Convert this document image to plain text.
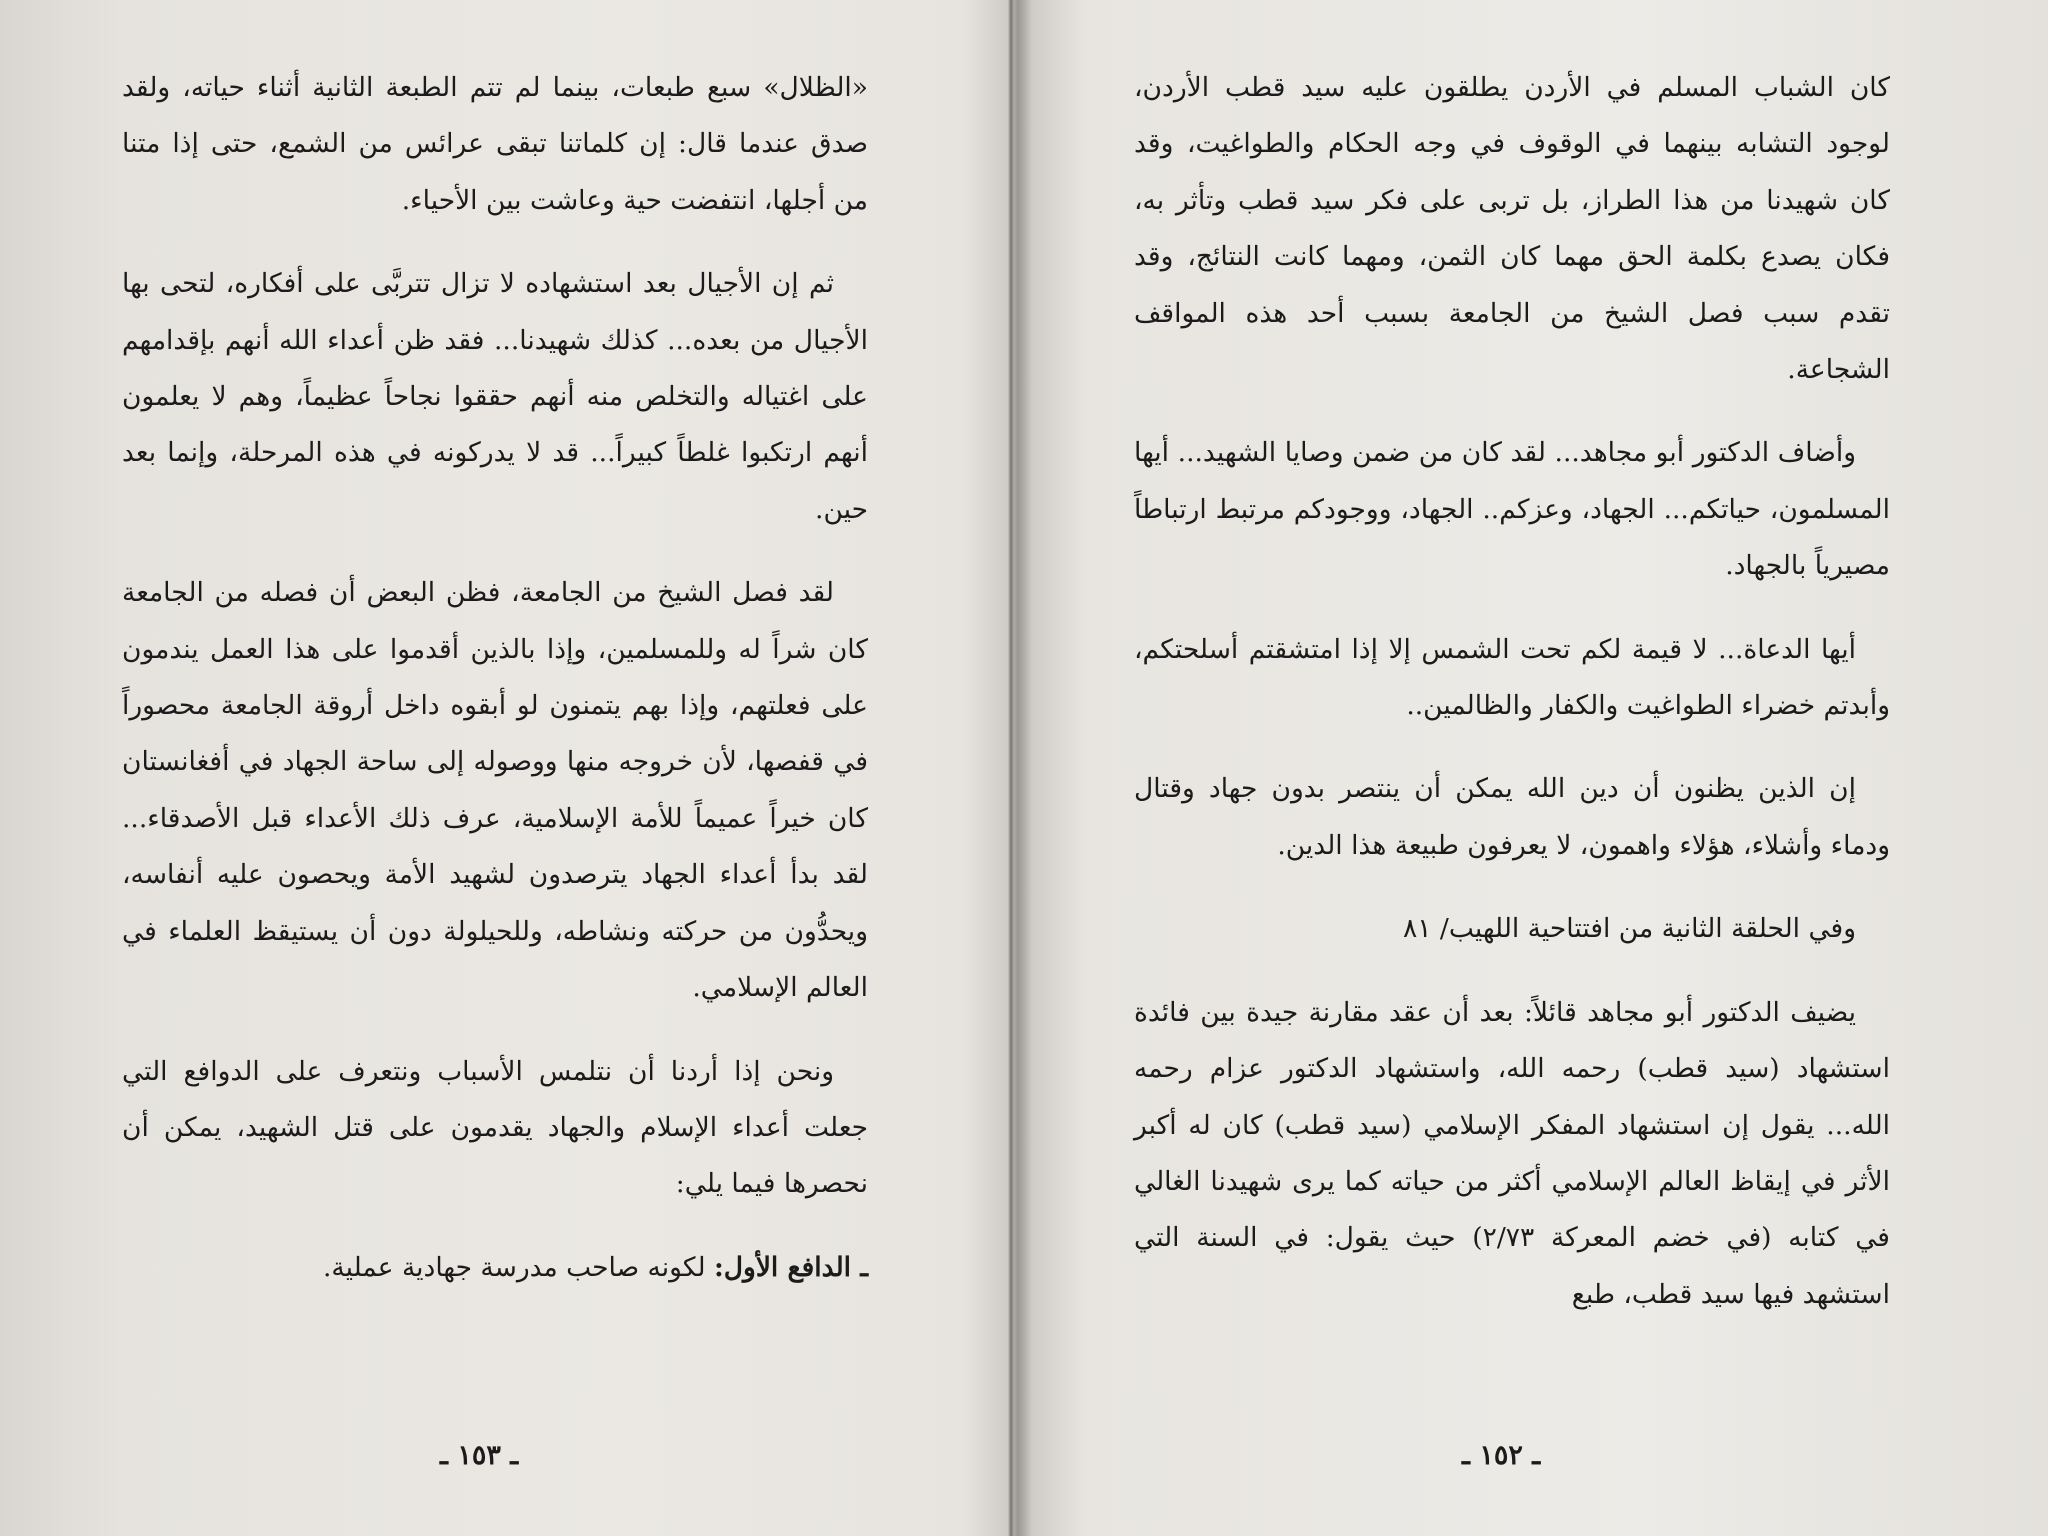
«الظلال» سبع طبعات، بينما لم تتم الطبعة الثانية أثناء حياته، ولقد صدق عندما قال: إن كلماتنا تبقى عرائس من الشمع، حتى إذا متنا من أجلها، انتفضت حية وعاشت بين الأحياء.

ثم إن الأجيال بعد استشهاده لا تزال تتربَّى على أفكاره، لتحى بها الأجيال من بعده... كذلك شهيدنا... فقد ظن أعداء الله أنهم بإقدامهم على اغتياله والتخلص منه أنهم حققوا نجاحاً عظيماً، وهم لا يعلمون أنهم ارتكبوا غلطاً كبيراً... قد لا يدركونه في هذه المرحلة، وإنما بعد حين.

لقد فصل الشيخ من الجامعة، فظن البعض أن فصله من الجامعة كان شراً له وللمسلمين، وإذا بالذين أقدموا على هذا العمل يندمون على فعلتهم، وإذا بهم يتمنون لو أبقوه داخل أروقة الجامعة محصوراً في قفصها، لأن خروجه منها ووصوله إلى ساحة الجهاد في أفغانستان كان خيراً عميماً للأمة الإسلامية، عرف ذلك الأعداء قبل الأصدقاء... لقد بدأ أعداء الجهاد يترصدون لشهيد الأمة ويحصون عليه أنفاسه، ويحدُّون من حركته ونشاطه، وللحيلولة دون أن يستيقظ العلماء في العالم الإسلامي.

ونحن إذا أردنا أن نتلمس الأسباب ونتعرف على الدوافع التي جعلت أعداء الإسلام والجهاد يقدمون على قتل الشهيد، يمكن أن نحصرها فيما يلي:

ـ الدافع الأول: لكونه صاحب مدرسة جهادية عملية.

ـ ١٥٣ ـ

كان الشباب المسلم في الأردن يطلقون عليه سيد قطب الأردن، لوجود التشابه بينهما في الوقوف في وجه الحكام والطواغيت، وقد كان شهيدنا من هذا الطراز، بل تربى على فكر سيد قطب وتأثر به، فكان يصدع بكلمة الحق مهما كان الثمن، ومهما كانت النتائج، وقد تقدم سبب فصل الشيخ من الجامعة بسبب أحد هذه المواقف الشجاعة.

وأضاف الدكتور أبو مجاهد... لقد كان من ضمن وصايا الشهيد... أيها المسلمون، حياتكم... الجهاد، وعزكم.. الجهاد، ووجودكم مرتبط ارتباطاً مصيرياً بالجهاد.

أيها الدعاة... لا قيمة لكم تحت الشمس إلا إذا امتشقتم أسلحتكم، وأبدتم خضراء الطواغيت والكفار والظالمين..

إن الذين يظنون أن دين الله يمكن أن ينتصر بدون جهاد وقتال ودماء وأشلاء، هؤلاء واهمون، لا يعرفون طبيعة هذا الدين.

وفي الحلقة الثانية من افتتاحية اللهيب/ ٨١

يضيف الدكتور أبو مجاهد قائلاً: بعد أن عقد مقارنة جيدة بين فائدة استشهاد (سيد قطب) رحمه الله، واستشهاد الدكتور عزام رحمه الله... يقول إن استشهاد المفكر الإسلامي (سيد قطب) كان له أكبر الأثر في إيقاظ العالم الإسلامي أكثر من حياته كما يرى شهيدنا الغالي في كتابه (في خضم المعركة ٢/٧٣) حيث يقول: في السنة التي استشهد فيها سيد قطب، طبع

ـ ١٥٢ ـ
